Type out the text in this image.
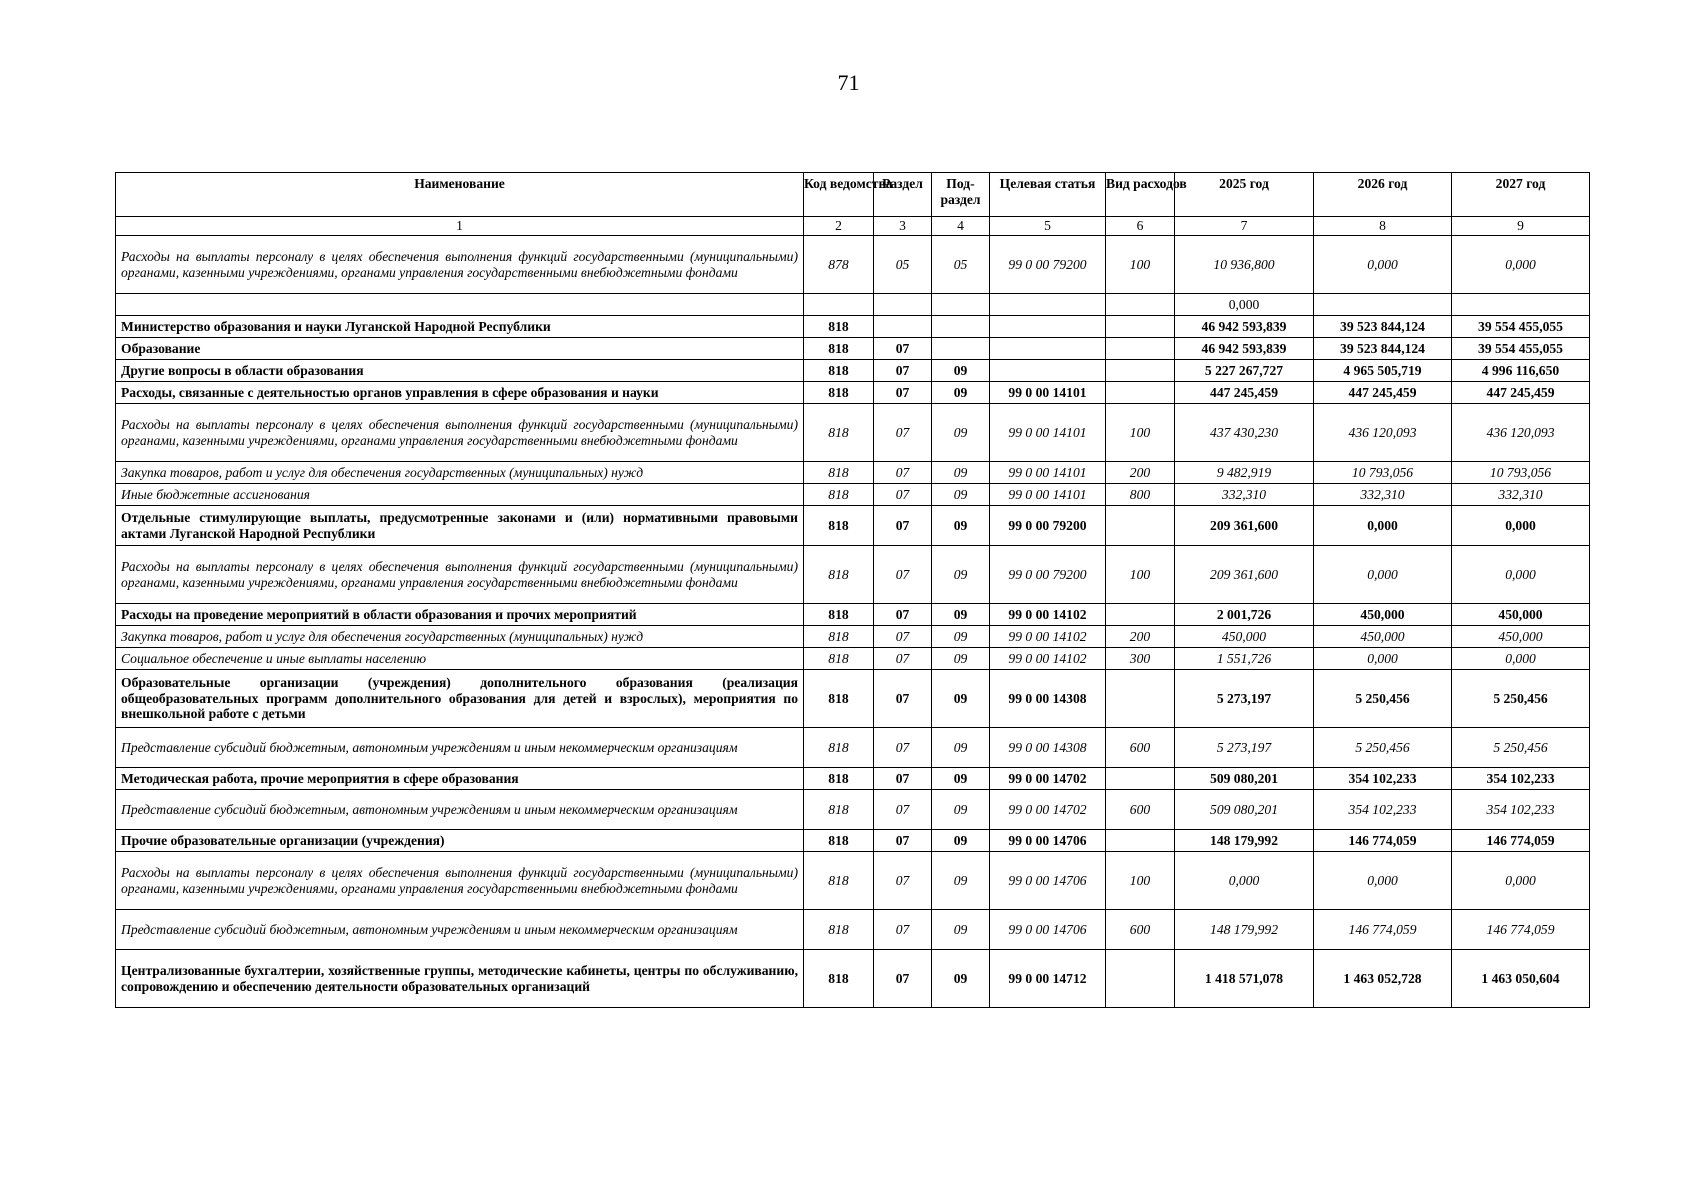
71
Наименование	Код ведомства	Раздел	Под-раздел	Целевая статья	Вид расходов	2025 год	2026 год	2027 год
1	2	3	4	5	6	7	8	9
Расходы на выплаты персоналу в целях обеспечения выполнения функций государственными (муниципальными) органами, казенными учреждениями, органами управления государственными внебюджетными фондами	878	05	05	99 0 00 79200	100	10 936,800	0,000	0,000
						0,000		
Министерство образования и науки Луганской Народной Республики	818					46 942 593,839	39 523 844,124	39 554 455,055
Образование	818	07				46 942 593,839	39 523 844,124	39 554 455,055
Другие вопросы в области образования	818	07	09			5 227 267,727	4 965 505,719	4 996 116,650
Расходы, связанные с деятельностью органов управления в сфере образования и науки	818	07	09	99 0 00 14101		447 245,459	447 245,459	447 245,459
Расходы на выплаты персоналу в целях обеспечения выполнения функций государственными (муниципальными) органами, казенными учреждениями, органами управления государственными внебюджетными фондами	818	07	09	99 0 00 14101	100	437 430,230	436 120,093	436 120,093
Закупка товаров, работ и услуг для обеспечения государственных (муниципальных) нужд	818	07	09	99 0 00 14101	200	9 482,919	10 793,056	10 793,056
Иные бюджетные ассигнования	818	07	09	99 0 00 14101	800	332,310	332,310	332,310
Отдельные стимулирующие выплаты, предусмотренные законами и (или) нормативными правовыми актами Луганской Народной Республики	818	07	09	99 0 00 79200		209 361,600	0,000	0,000
Расходы на выплаты персоналу в целях обеспечения выполнения функций государственными (муниципальными) органами, казенными учреждениями, органами управления государственными внебюджетными фондами	818	07	09	99 0 00 79200	100	209 361,600	0,000	0,000
Расходы на проведение мероприятий в области образования и прочих мероприятий	818	07	09	99 0 00 14102		2 001,726	450,000	450,000
Закупка товаров, работ и услуг для обеспечения государственных (муниципальных) нужд	818	07	09	99 0 00 14102	200	450,000	450,000	450,000
Социальное обеспечение и иные выплаты населению	818	07	09	99 0 00 14102	300	1 551,726	0,000	0,000
Образовательные организации (учреждения) дополнительного образования (реализация общеобразовательных программ дополнительного образования для детей и взрослых), мероприятия по внешкольной работе с детьми	818	07	09	99 0 00 14308		5 273,197	5 250,456	5 250,456
Представление субсидий бюджетным, автономным учреждениям и иным некоммерческим организациям	818	07	09	99 0 00 14308	600	5 273,197	5 250,456	5 250,456
Методическая работа, прочие мероприятия в сфере образования	818	07	09	99 0 00 14702		509 080,201	354 102,233	354 102,233
Представление субсидий бюджетным, автономным учреждениям и иным некоммерческим организациям	818	07	09	99 0 00 14702	600	509 080,201	354 102,233	354 102,233
Прочие образовательные организации (учреждения)	818	07	09	99 0 00 14706		148 179,992	146 774,059	146 774,059
Расходы на выплаты персоналу в целях обеспечения выполнения функций государственными (муниципальными) органами, казенными учреждениями, органами управления государственными внебюджетными фондами	818	07	09	99 0 00 14706	100	0,000	0,000	0,000
Представление субсидий бюджетным, автономным учреждениям и иным некоммерческим организациям	818	07	09	99 0 00 14706	600	148 179,992	146 774,059	146 774,059
Централизованные бухгалтерии, хозяйственные группы, методические кабинеты, центры по обслуживанию, сопровождению и обеспечению деятельности образовательных организаций	818	07	09	99 0 00 14712		1 418 571,078	1 463 052,728	1 463 050,604
